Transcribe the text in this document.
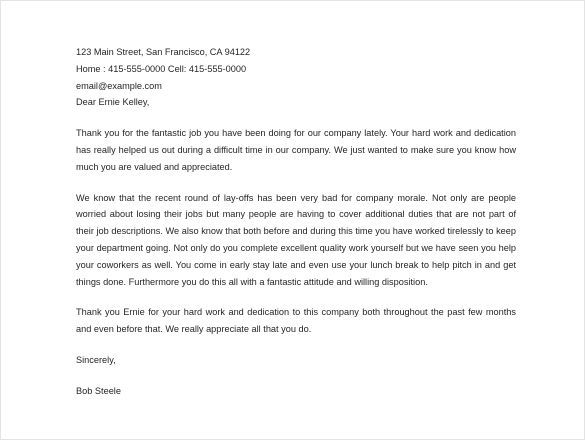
123 Main Street, San Francisco, CA 94122
Home : 415-555-0000 Cell: 415-555-0000
email@example.com
Dear Ernie Kelley,

Thank you for the fantastic job you have been doing for our company lately. Your hard work and dedication has really helped us out during a difficult time in our company. We just wanted to make sure you know how much you are valued and appreciated.

We know that the recent round of lay-offs has been very bad for company morale. Not only are people worried about losing their jobs but many people are having to cover additional duties that are not part of their job descriptions. We also know that both before and during this time you have worked tirelessly to keep your department going. Not only do you complete excellent quality work yourself but we have seen you help your coworkers as well. You come in early stay late and even use your lunch break to help pitch in and get things done. Furthermore you do this all with a fantastic attitude and willing disposition.

Thank you Ernie for your hard work and dedication to this company both throughout the past few months and even before that. We really appreciate all that you do.

Sincerely,

Bob Steele
